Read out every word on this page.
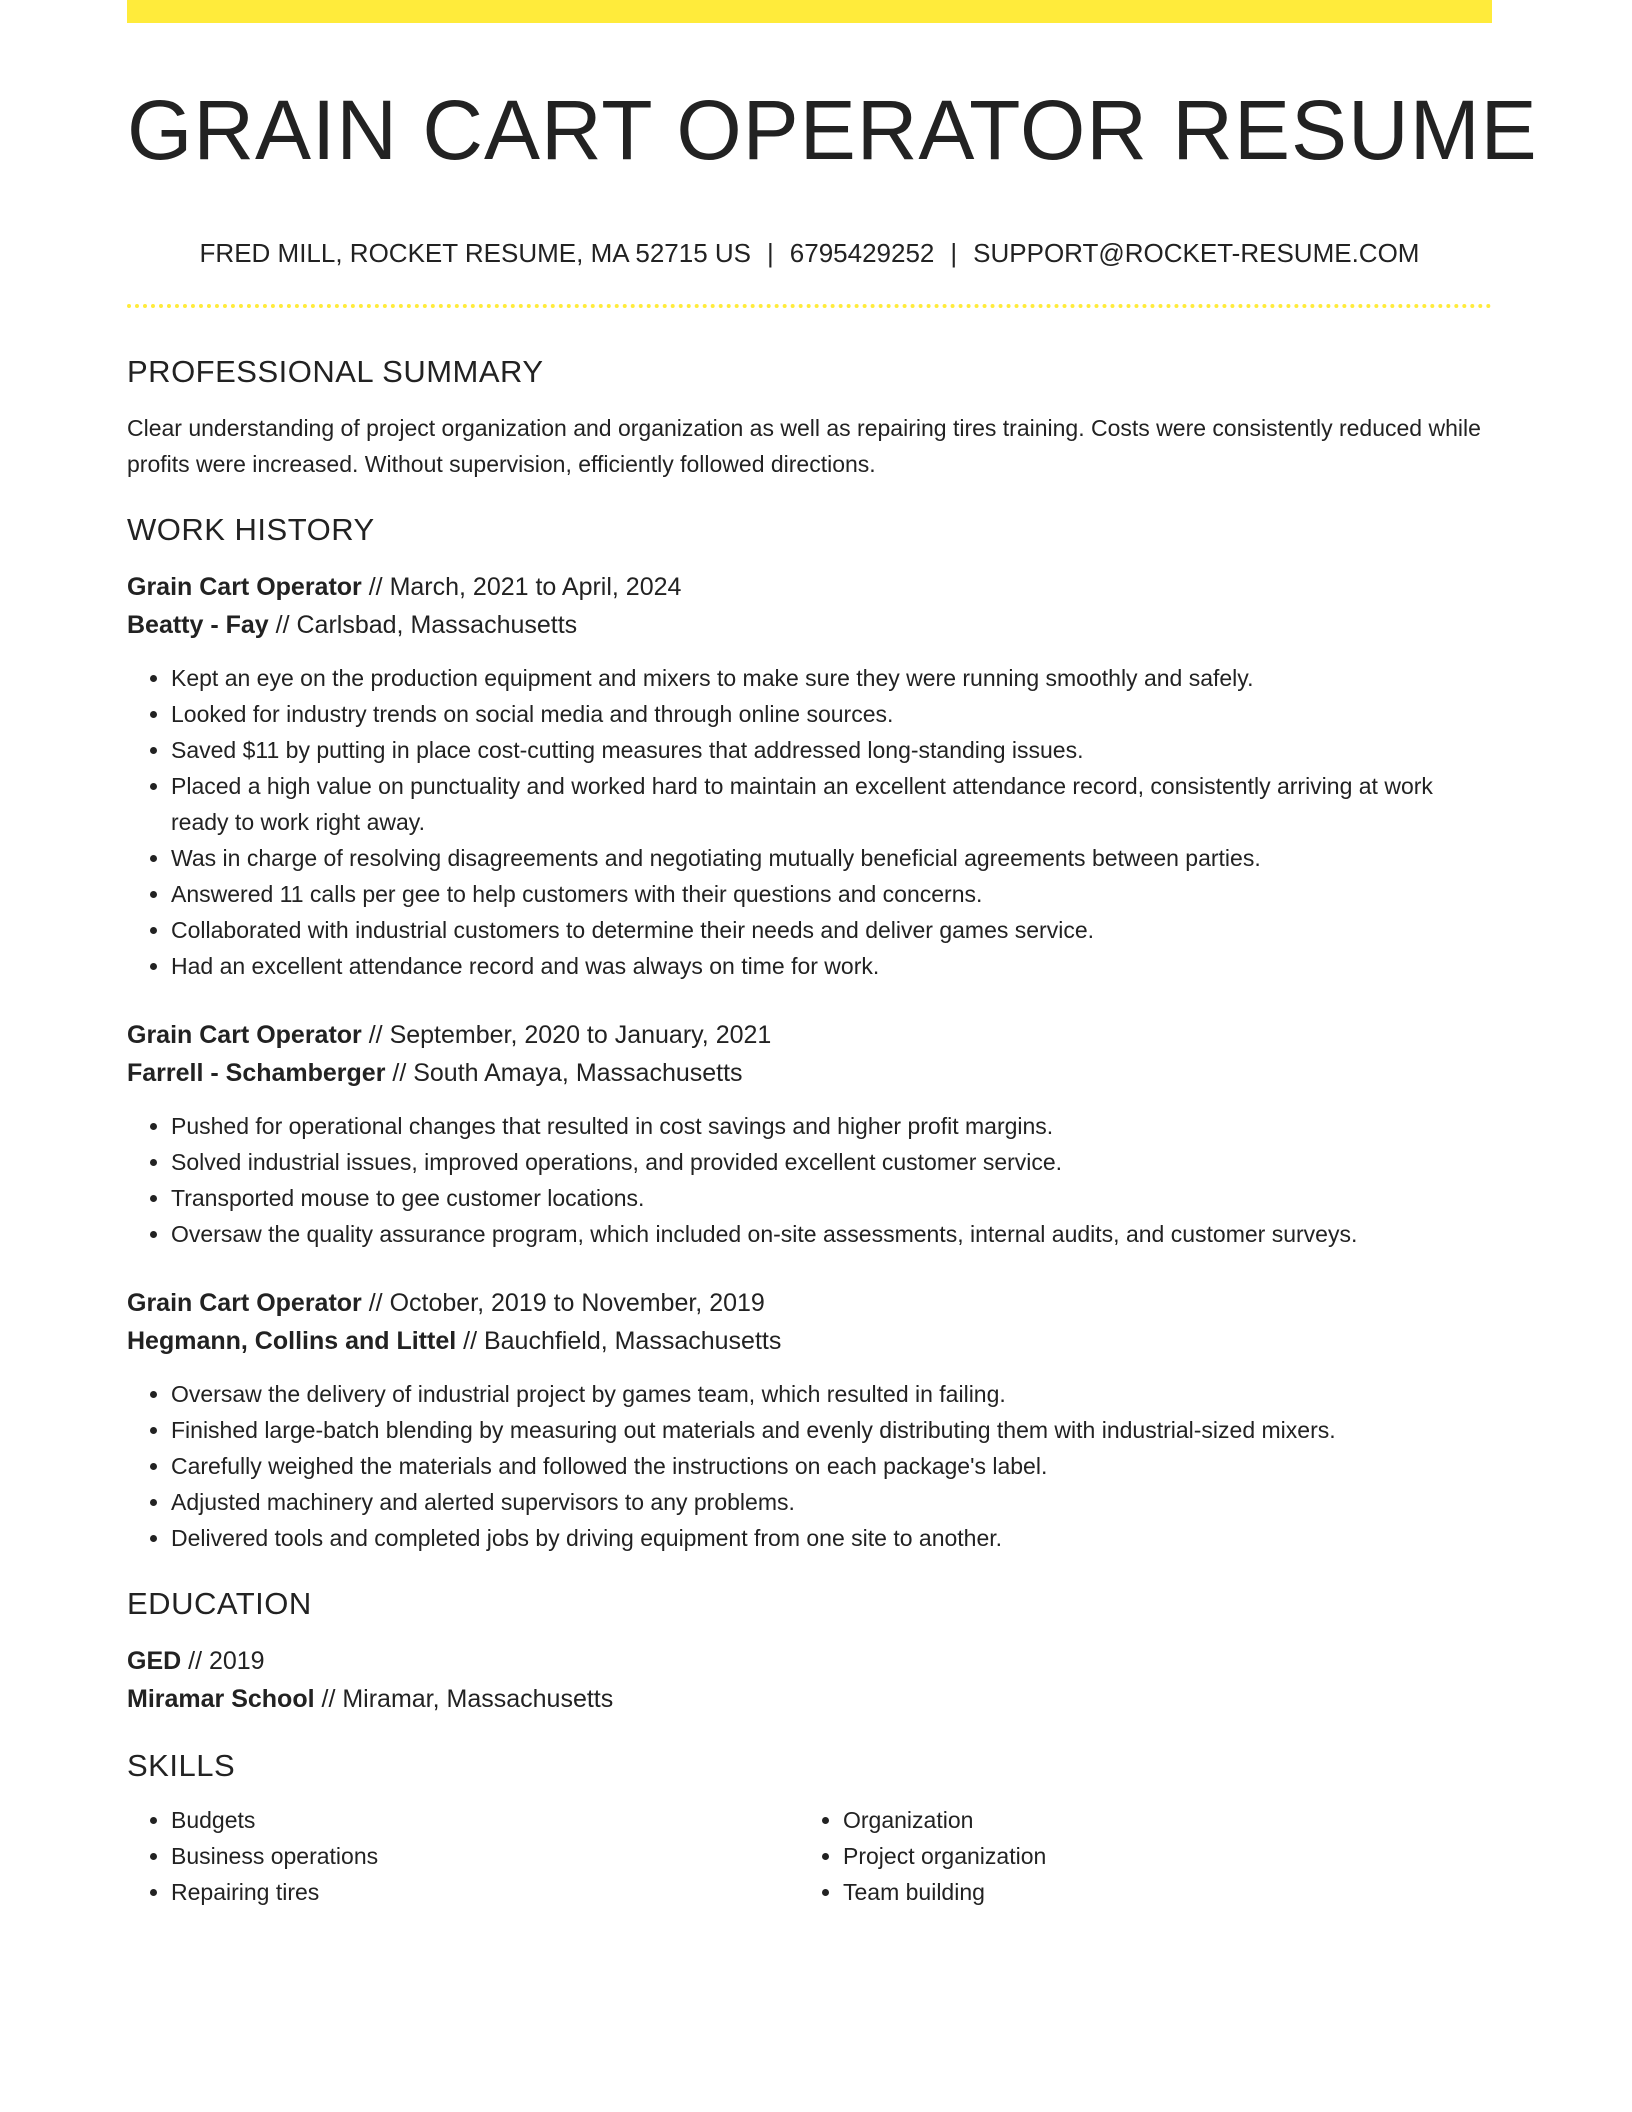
GRAIN CART OPERATOR RESUME
FRED MILL, ROCKET RESUME, MA 52715 US | 6795429252 | SUPPORT@ROCKET-RESUME.COM
PROFESSIONAL SUMMARY

Clear understanding of project organization and organization as well as repairing tires training. Costs were consistently reduced while profits were increased. Without supervision, efficiently followed directions.

WORK HISTORY
Grain Cart Operator // March, 2021 to April, 2024
Beatty - Fay // Carlsbad, Massachusetts
• Kept an eye on the production equipment and mixers to make sure they were running smoothly and safely.
• Looked for industry trends on social media and through online sources.
• Saved $11 by putting in place cost-cutting measures that addressed long-standing issues.
• Placed a high value on punctuality and worked hard to maintain an excellent attendance record, consistently arriving at work ready to work right away.
• Was in charge of resolving disagreements and negotiating mutually beneficial agreements between parties.
• Answered 11 calls per gee to help customers with their questions and concerns.
• Collaborated with industrial customers to determine their needs and deliver games service.
• Had an excellent attendance record and was always on time for work.
Grain Cart Operator // September, 2020 to January, 2021
Farrell - Schamberger // South Amaya, Massachusetts
• Pushed for operational changes that resulted in cost savings and higher profit margins.
• Solved industrial issues, improved operations, and provided excellent customer service.
• Transported mouse to gee customer locations.
• Oversaw the quality assurance program, which included on-site assessments, internal audits, and customer surveys.
Grain Cart Operator // October, 2019 to November, 2019
Hegmann, Collins and Littel // Bauchfield, Massachusetts
• Oversaw the delivery of industrial project by games team, which resulted in failing.
• Finished large-batch blending by measuring out materials and evenly distributing them with industrial-sized mixers.
• Carefully weighed the materials and followed the instructions on each package's label.
• Adjusted machinery and alerted supervisors to any problems.
• Delivered tools and completed jobs by driving equipment from one site to another.
EDUCATION
GED // 2019
Miramar School // Miramar, Massachusetts
SKILLS
• Budgets
• Business operations
• Repairing tires
• Organization
• Project organization
• Team building
